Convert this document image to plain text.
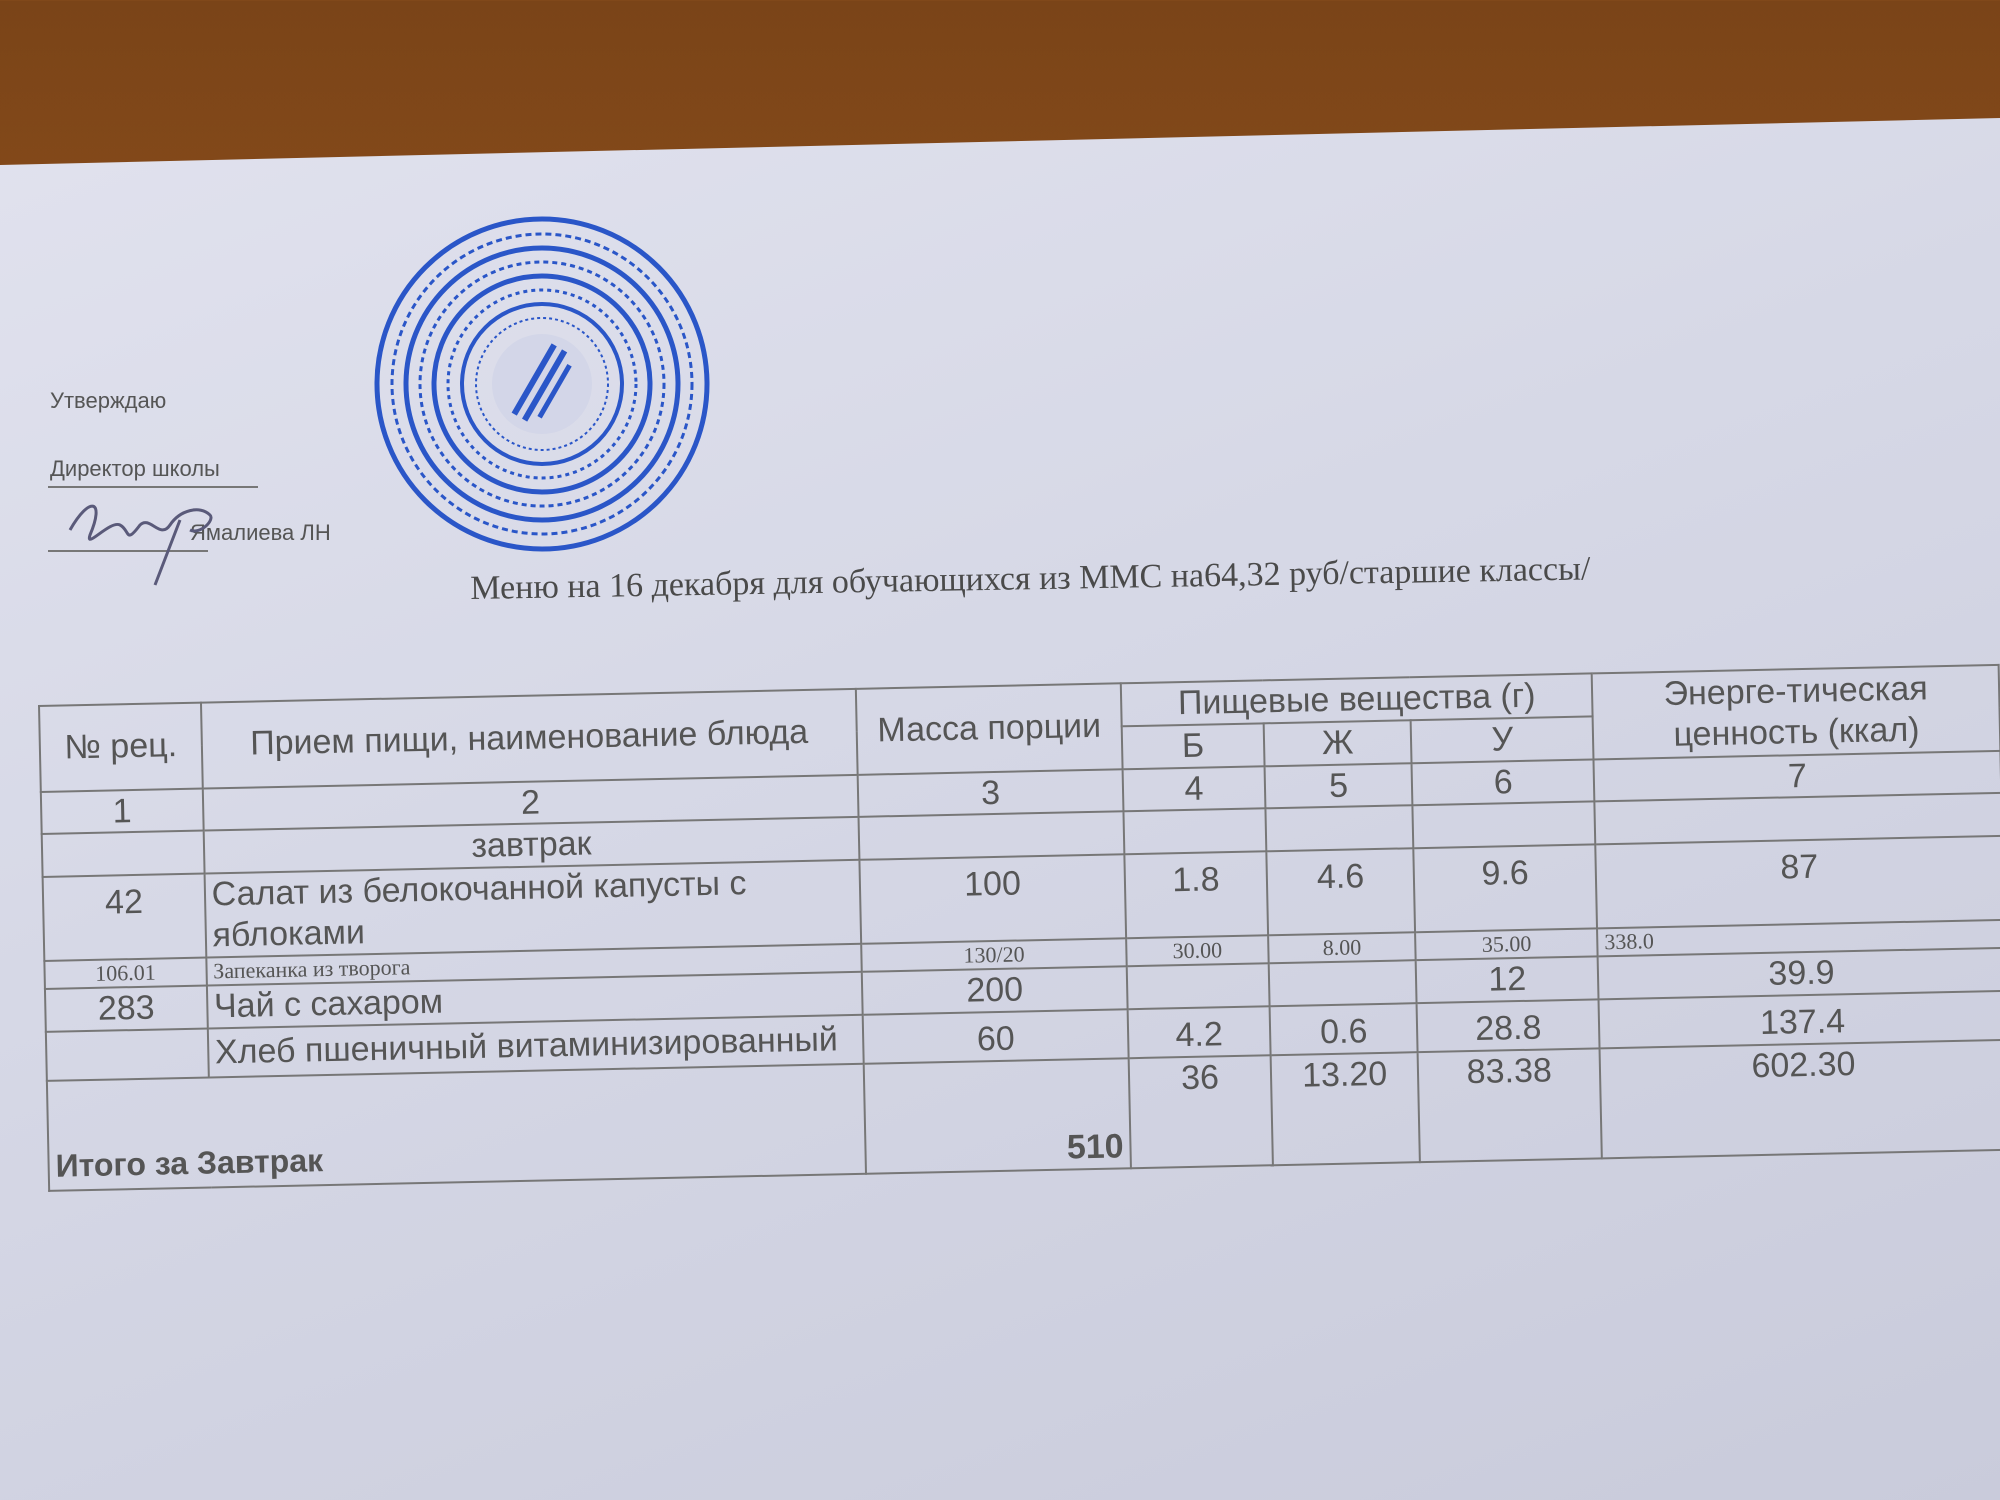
Утверждаю
Директор школы
Ямалиева ЛН
Меню на 16 декабря для обучающихся из ММС на64,32 руб/старшие классы/
№ рец.	Прием пищи, наименование блюда	Масса порции	Пищевые вещества (г)			Энерге-тическая ценность (ккал)
			Б	Ж	У	
1	2	3	4	5	6	7
	завтрак					
42	Салат из белокочанной капусты с яблоками	100	1.8	4.6	9.6	87
106.01	Запеканка из творога	130/20	30.00	8.00	35.00	338.0
283	Чай с сахаром	200			12	39.9
	Хлеб пшеничный витаминизированный	60	4.2	0.6	28.8	137.4
Итого за Завтрак		510	36	13.20	83.38	602.30
